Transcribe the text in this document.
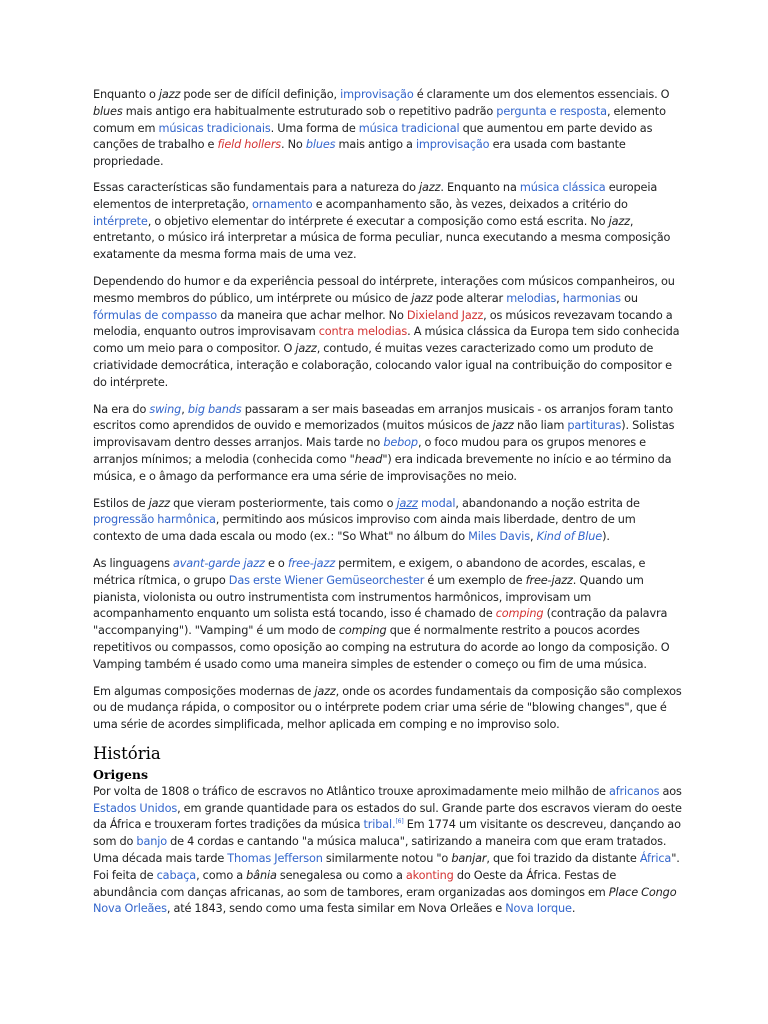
Enquanto o jazz pode ser de difícil definição, improvisação é claramente um dos elementos essenciais. O blues mais antigo era habitualmente estruturado sob o repetitivo padrão pergunta e resposta, elemento comum em músicas tradicionais. Uma forma de música tradicional que aumentou em parte devido as canções de trabalho e field hollers. No blues mais antigo a improvisação era usada com bastante propriedade.

Essas características são fundamentais para a natureza do jazz. Enquanto na música clássica europeia elementos de interpretação, ornamento e acompanhamento são, às vezes, deixados a critério do intérprete, o objetivo elementar do intérprete é executar a composição como está escrita. No jazz, entretanto, o músico irá interpretar a música de forma peculiar, nunca executando a mesma composição exatamente da mesma forma mais de uma vez.

Dependendo do humor e da experiência pessoal do intérprete, interações com músicos companheiros, ou mesmo membros do público, um intérprete ou músico de jazz pode alterar melodias, harmonias ou fórmulas de compasso da maneira que achar melhor. No Dixieland Jazz, os músicos revezavam tocando a melodia, enquanto outros improvisavam contra melodias. A música clássica da Europa tem sido conhecida como um meio para o compositor. O jazz, contudo, é muitas vezes caracterizado como um produto de criatividade democrática, interação e colaboração, colocando valor igual na contribuição do compositor e do intérprete.

Na era do swing, big bands passaram a ser mais baseadas em arranjos musicais - os arranjos foram tanto escritos como aprendidos de ouvido e memorizados (muitos músicos de jazz não liam partituras). Solistas improvisavam dentro desses arranjos. Mais tarde no bebop, o foco mudou para os grupos menores e arranjos mínimos; a melodia (conhecida como "head") era indicada brevemente no início e ao término da música, e o âmago da performance era uma série de improvisações no meio.

Estilos de jazz que vieram posteriormente, tais como o jazz modal, abandonando a noção estrita de progressão harmônica, permitindo aos músicos improviso com ainda mais liberdade, dentro de um contexto de uma dada escala ou modo (ex.: "So What" no álbum do Miles Davis, Kind of Blue).

As linguagens avant-garde jazz e o free-jazz permitem, e exigem, o abandono de acordes, escalas, e métrica rítmica, o grupo Das erste Wiener Gemüseorchester é um exemplo de free-jazz. Quando um pianista, violonista ou outro instrumentista com instrumentos harmônicos, improvisam um acompanhamento enquanto um solista está tocando, isso é chamado de comping (contração da palavra "accompanying"). "Vamping" é um modo de comping que é normalmente restrito a poucos acordes repetitivos ou compassos, como oposição ao comping na estrutura do acorde ao longo da composição. O Vamping também é usado como uma maneira simples de estender o começo ou fim de uma música.

Em algumas composições modernas de jazz, onde os acordes fundamentais da composição são complexos ou de mudança rápida, o compositor ou o intérprete podem criar uma série de "blowing changes", que é uma série de acordes simplificada, melhor aplicada em comping e no improviso solo.

História
Origens

Por volta de 1808 o tráfico de escravos no Atlântico trouxe aproximadamente meio milhão de africanos aos Estados Unidos, em grande quantidade para os estados do sul. Grande parte dos escravos vieram do oeste da África e trouxeram fortes tradições da música tribal.[6] Em 1774 um visitante os descreveu, dançando ao som do banjo de 4 cordas e cantando "a música maluca", satirizando a maneira com que eram tratados. Uma década mais tarde Thomas Jefferson similarmente notou "o banjar, que foi trazido da distante África". Foi feita de cabaça, como a bânia senegalesa ou como a akonting do Oeste da África. Festas de abundância com danças africanas, ao som de tambores, eram organizadas aos domingos em Place Congo Nova Orleães, até 1843, sendo como uma festa similar em Nova Orleães e Nova Iorque.
